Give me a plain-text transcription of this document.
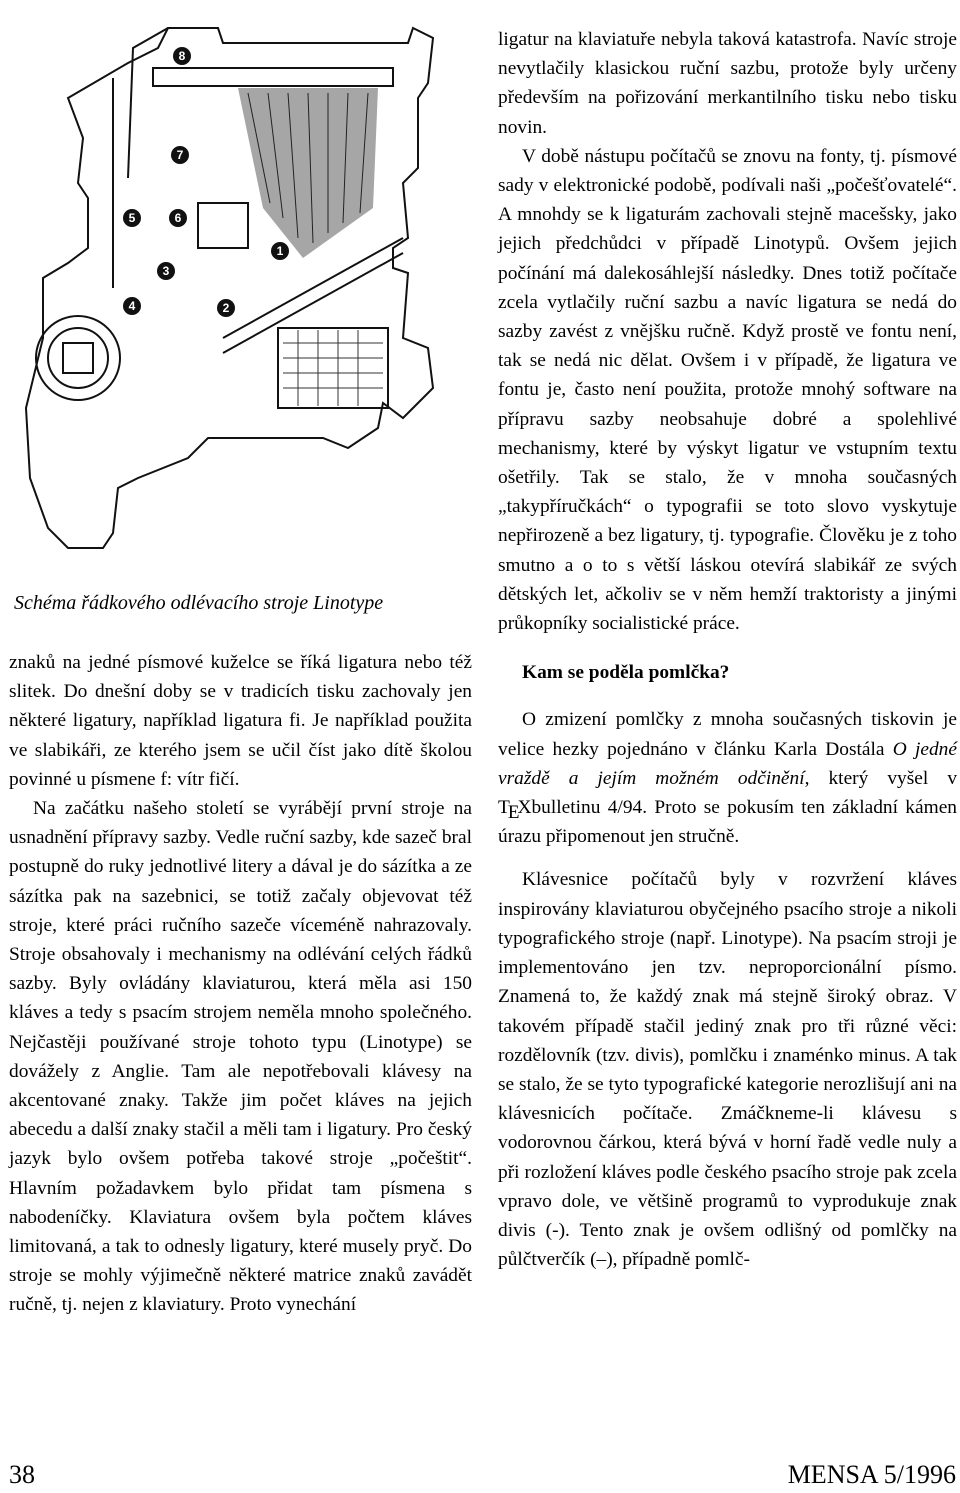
1
2
3
4
5	6
7
8
Schéma řádkového odlévacího stroje Linotype

znaků na jedné písmové kuželce se říká ligatura nebo též slitek. Do dnešní doby se v tradicích tisku zachovaly jen některé ligatury, například ligatura fi. Je například použita ve slabikáři, ze kterého jsem se učil číst jako dítě školou povinné u písmene f: vítr fičí.

Na začátku našeho století se vyrábějí první stroje na usnadnění přípravy sazby. Vedle ruční sazby, kde sazeč bral postupně do ruky jednotlivé litery a dával je do sázítka a ze sázítka pak na sazebnici, se totiž začaly objevovat též stroje, které práci ručního sazeče víceméně nahrazovaly. Stroje obsahovaly i mechanismy na odlévání celých řádků sazby. Byly ovládány klaviaturou, která měla asi 150 kláves a tedy s psacím strojem neměla mnoho společného. Nejčastěji používané stroje tohoto typu (Linotype) se dovážely z Anglie. Tam ale nepotřebovali klávesy na akcentované znaky. Takže jim počet kláves na jejich abecedu a další znaky stačil a měli tam i ligatury. Pro český jazyk bylo ovšem potřeba takové stroje „počeštit“. Hlavním požadavkem bylo přidat tam písmena s nabodeníčky. Klaviatura ovšem byla počtem kláves limitovaná, a tak to odnesly ligatury, které musely pryč. Do stroje se mohly výjimečně některé matrice znaků zavádět ručně, tj. nejen z klaviatury. Proto vynechání

ligatur na klaviatuře nebyla taková katastrofa. Navíc stroje nevytlačily klasickou ruční sazbu, protože byly určeny především na pořizování merkantilního tisku nebo tisku novin.

V době nástupu počítačů se znovu na fonty, tj. písmové sady v elektronické podobě, podívali naši „počešťovatelé“. A mnohdy se k ligaturám zachovali stejně macešsky, jako jejich předchůdci v případě Linotypů. Ovšem jejich počínání má dalekosáhlejší následky. Dnes totiž počítače zcela vytlačily ruční sazbu a navíc ligatura se nedá do sazby zavést z vnějšku ručně. Když prostě ve fontu není, tak se nedá nic dělat. Ovšem i v případě, že ligatura ve fontu je, často není použita, protože mnohý software na přípravu sazby neobsahuje dobré a spolehlivé mechanismy, které by výskyt ligatur ve vstupním textu ošetřily. Tak se stalo, že v mnoha současných „takypříručkách“ o typografii se toto slovo vyskytuje nepřirozeně a bez ligatury, tj. typografie. Člověku je z toho smutno a o to s větší láskou otevírá slabikář ze svých dětských let, ačkoliv se v něm hemží traktoristy a jinými průkopníky socialistické práce.

Kam se poděla pomlčka?

O zmizení pomlčky z mnoha současných tiskovin je velice hezky pojednáno v článku Karla Dostála O jedné vraždě a jejím možném odčinění, který vyšel v TEXbulletinu 4/94. Proto se pokusím ten základní kámen úrazu připomenout jen stručně.

Klávesnice počítačů byly v rozvržení kláves inspirovány klaviaturou obyčejného psacího stroje a nikoli typografického stroje (např. Linotype). Na psacím stroji je implementováno jen tzv. neproporcionální písmo. Znamená to, že každý znak má stejně široký obraz. V takovém případě stačil jediný znak pro tři různé věci: rozdělovník (tzv. divis), pomlčku i znaménko minus. A tak se stalo, že se tyto typografické kategorie nerozlišují ani na klávesnicích počítače. Zmáčkneme-li klávesu s vodorovnou čárkou, která bývá v horní řadě vedle nuly a při rozložení kláves podle českého psacího stroje pak zcela vpravo dole, ve většině programů to vyprodukuje znak divis (-). Tento znak je ovšem odlišný od pomlčky na půlčtverčík (–), případně pomlč-

38	MENSA 5/1996
